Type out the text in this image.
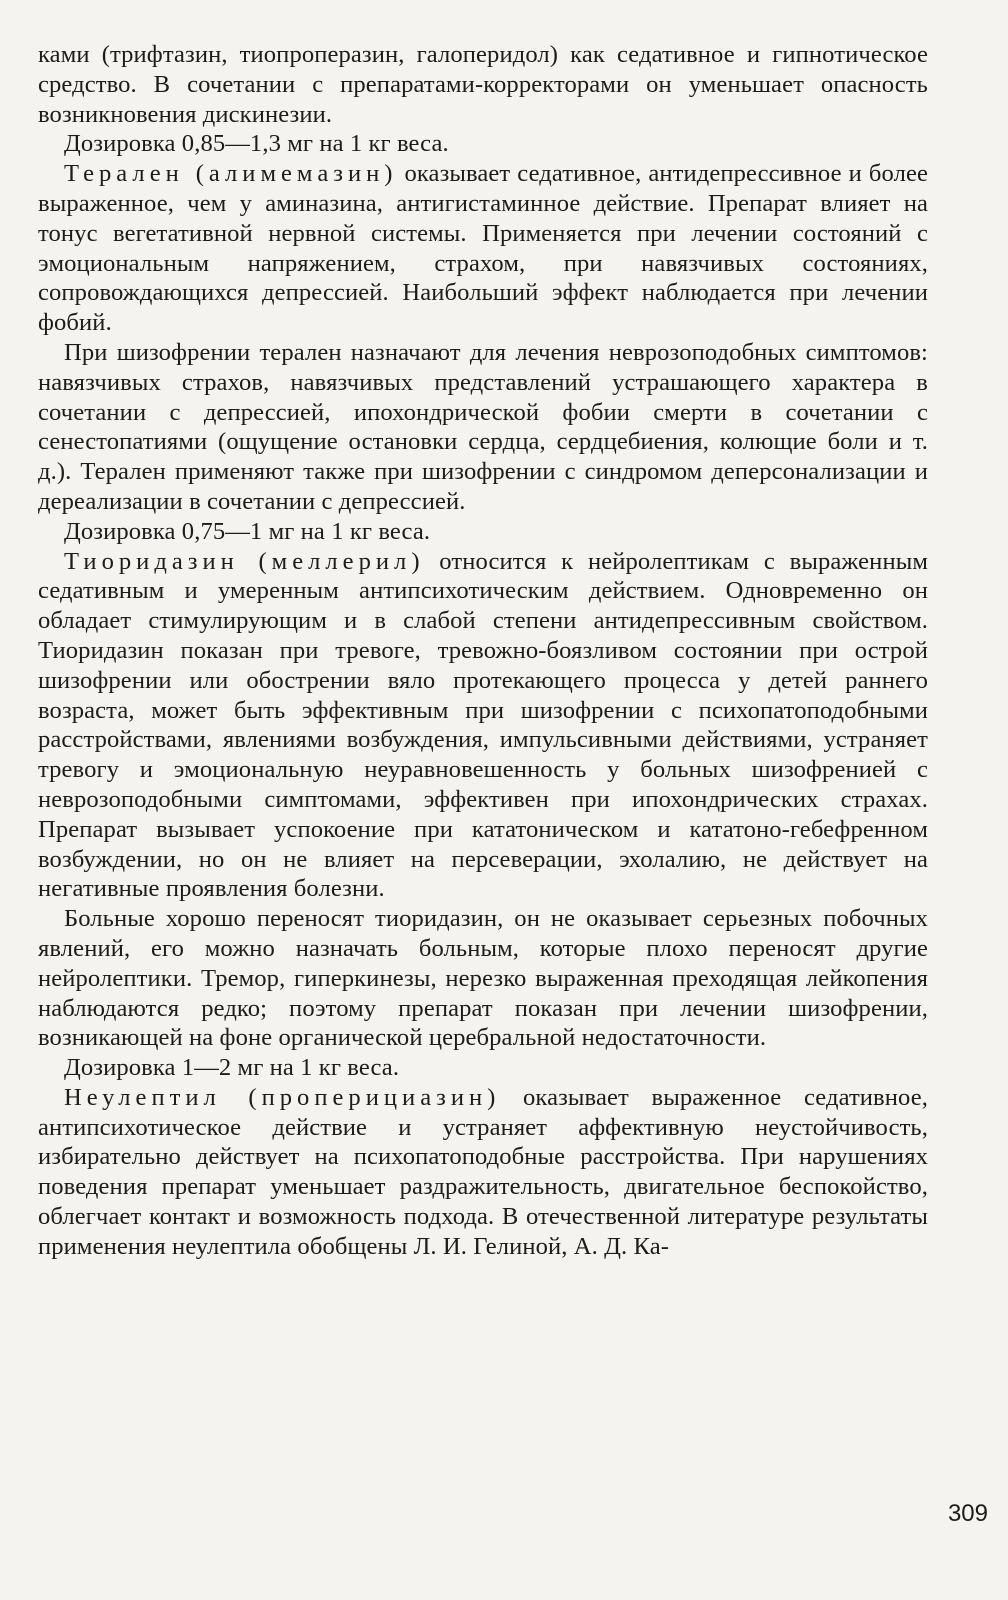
ками (трифтазин, тиопроперазин, галоперидол) как седативное и гипнотическое средство. В сочетании с препаратами-корректорами он уменьшает опасность возникновения дискинезии.

Дозировка 0,85—1,3 мг на 1 кг веса.

Терален (алимемазин) оказывает седативное, антидепрессивное и более выраженное, чем у аминазина, антигистаминное действие. Препарат влияет на тонус вегетативной нервной системы. Применяется при лечении состояний с эмоциональным напряжением, страхом, при навязчивых состояниях, сопровождающихся депрессией. Наибольший эффект наблюдается при лечении фобий.

При шизофрении терален назначают для лечения неврозоподобных симптомов: навязчивых страхов, навязчивых представлений устрашающего характера в сочетании с депрессией, ипохондрической фобии смерти в сочетании с сенестопатиями (ощущение остановки сердца, сердцебиения, колющие боли и т. д.). Терален применяют также при шизофрении с синдромом деперсонализации и дереализации в сочетании с депрессией.

Дозировка 0,75—1 мг на 1 кг веса.

Тиоридазин (меллерил) относится к нейролептикам с выраженным седативным и умеренным антипсихотическим действием. Одновременно он обладает стимулирующим и в слабой степени антидепрессивным свойством. Тиоридазин показан при тревоге, тревожно-боязливом состоянии при острой шизофрении или обострении вяло протекающего процесса у детей раннего возраста, может быть эффективным при шизофрении с психопатоподобными расстройствами, явлениями возбуждения, импульсивными действиями, устраняет тревогу и эмоциональную неуравновешенность у больных шизофренией с неврозоподобными симптомами, эффективен при ипохондрических страхах. Препарат вызывает успокоение при кататоническом и кататоно-гебефренном возбуждении, но он не влияет на персеверации, эхолалию, не действует на негативные проявления болезни.

Больные хорошо переносят тиоридазин, он не оказывает серьезных побочных явлений, его можно назначать больным, которые плохо переносят другие нейролептики. Тремор, гиперкинезы, нерезко выраженная преходящая лейкопения наблюдаются редко; поэтому препарат показан при лечении шизофрении, возникающей на фоне органической церебральной недостаточности.

Дозировка 1—2 мг на 1 кг веса.

Неулептил (проперициазин) оказывает выраженное седативное, антипсихотическое действие и устраняет аффективную неустойчивость, избирательно действует на психопатоподобные расстройства. При нарушениях поведения препарат уменьшает раздражительность, двигательное беспокойство, облегчает контакт и возможность подхода. В отечественной литературе результаты применения неулептила обобщены Л. И. Гелиной, А. Д. Ка-

309
